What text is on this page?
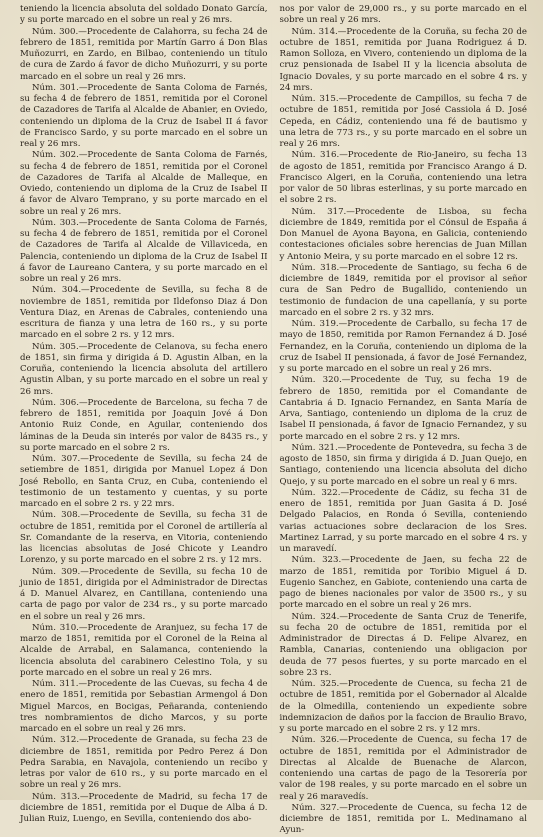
teniendo la licencia absoluta del soldado Donato García, y su porte marcado en el sobre un real y 26 mrs.

Núm. 300.—Procedente de Calahorra, su fecha 24 de febrero de 1851, remitida por Martín Garro á Don Blas Muñozurri, en Zardo, en Bilbao, conteniendo un título de cura de Zardo á favor de dicho Muñozurri, y su porte marcado en el sobre un real y 26 mrs.

Núm. 301.—Procedente de Santa Coloma de Farnés, su fecha 4 de febrero de 1851, remitida por el Coronel de Cazadores de Tarifa al Alcalde de Abanier, en Oviedo, conteniendo un diploma de la Cruz de Isabel II á favor de Francisco Sardo, y su porte marcado en el sobre un real y 26 mrs.

Núm. 302.—Procedente de Santa Coloma de Farnés, su fecha 4 de febrero de 1851, remitida por el Coronel de Cazadores de Tarifa al Alcalde de Malleque, en Oviedo, conteniendo un diploma de la Cruz de Isabel II á favor de Alvaro Temprano, y su porte marcado en el sobre un real y 26 mrs.

Núm. 303.—Procedente de Santa Coloma de Farnés, su fecha 4 de febrero de 1851, remitida por el Coronel de Cazadores de Tarifa al Alcalde de Villaviceda, en Palencia, conteniendo un diploma de la Cruz de Isabel II á favor de Laureano Cantera, y su porte marcado en el sobre un real y 26 mrs.

Núm. 304.—Procedente de Sevilla, su fecha 8 de noviembre de 1851, remitida por Ildefonso Diaz á Don Ventura Diaz, en Arenas de Cabrales, conteniendo una escritura de fianza y una letra de 160 rs., y su porte marcado en el sobre 2 rs. y 12 mrs.

Núm. 305.—Procedente de Celanova, su fecha enero de 1851, sin firma y dirigida á D. Agustin Alban, en la Coruña, conteniendo la licencia absoluta del artillero Agustin Alban, y su porte marcado en el sobre un real y 26 mrs.

Núm. 306.—Procedente de Barcelona, su fecha 7 de febrero de 1851, remitida por Joaquin Jové á Don Antonio Ruiz Conde, en Aguilar, conteniendo dos láminas de la Deuda sin interés por valor de 8435 rs., y su porte marcado en el sobre 2 rs.

Núm. 307.—Procedente de Sevilla, su fecha 24 de setiembre de 1851, dirigida por Manuel Lopez á Don José Rebollo, en Santa Cruz, en Cuba, conteniendo el testimonio de un testamento y cuentas, y su porte marcado en el sobre 2 rs. y 22 mrs.

Núm. 308.—Procedente de Sevilla, su fecha 31 de octubre de 1851, remitida por el Coronel de artillería al Sr. Comandante de la reserva, en Vitoria, conteniendo las licencias absolutas de José Chicote y Leandro Lorenzo, y su porte marcado en el sobre 2 rs. y 12 mrs.

Núm. 309.—Procedente de Sevilla, su fecha 10 de junio de 1851, dirigida por el Administrador de Directas á D. Manuel Alvarez, en Cantillana, conteniendo una carta de pago por valor de 234 rs., y su porte marcado en el sobre un real y 26 mrs.

Núm. 310.—Procedente de Aranjuez, su fecha 17 de marzo de 1851, remitida por el Coronel de la Reina al Alcalde de Arrabal, en Salamanca, conteniendo la licencia absoluta del carabinero Celestino Tola, y su porte marcado en el sobre un real y 26 mrs.

Núm. 311.—Procedente de las Cuevas, su fecha 4 de enero de 1851, remitida por Sebastian Armengol á Don Miguel Marcos, en Bocigas, Peñaranda, conteniendo tres nombramientos de dicho Marcos, y su porte marcado en el sobre un real y 26 mrs.

Núm. 312.—Procedente de Granada, su fecha 23 de diciembre de 1851, remitida por Pedro Perez á Don Pedra Sarabia, en Navajola, conteniendo un recibo y letras por valor de 610 rs., y su porte marcado en el sobre un real y 26 mrs.

Núm. 313.—Procedente de Madrid, su fecha 17 de diciembre de 1851, remitida por el Duque de Alba á D. Julian Ruiz, Luengo, en Sevilla, conteniendo dos abo-

nos por valor de 29,000 rs., y su porte marcado en el sobre un real y 26 mrs.

Núm. 314.—Procedente de la Coruña, su fecha 20 de octubre de 1851, remitida por Juana Rodriguez á D. Ramon Solloza, en Vivero, conteniendo un diploma de la cruz pensionada de Isabel II y la licencia absoluta de Ignacio Dovales, y su porte marcado en el sobre 4 rs. y 24 mrs.

Núm. 315.—Procedente de Campillos, su fecha 7 de octubre de 1851, remitida por José Cassiola á D. José Cepeda, en Cádiz, conteniendo una fé de bautismo y una letra de 773 rs., y su porte marcado en el sobre un real y 26 mrs.

Núm. 316.—Procedente de Rio-Janeiro, su fecha 13 de agosto de 1851, remitida por Francisco Arango á D. Francisco Algeri, en la Coruña, conteniendo una letra por valor de 50 libras esterlinas, y su porte marcado en el sobre 2 rs.

Núm. 317.—Procedente de Lisboa, su fecha diciembre de 1849, remitida por el Cónsul de España á Don Manuel de Ayona Bayona, en Galicia, conteniendo contestaciones oficiales sobre herencias de Juan Millan y Antonio Meira, y su porte marcado en el sobre 12 rs.

Núm. 318.—Procedente de Santiago, su fecha 6 de diciembre de 1849, remitida por el provisor al señor cura de San Pedro de Bugallido, conteniendo un testimonio de fundacion de una capellanía, y su porte marcado en el sobre 2 rs. y 32 mrs.

Núm. 319.—Procedente de Carballo, su fecha 17 de mayo de 1850, remitida por Ramon Fernandez á D. José Fernandez, en la Coruña, conteniendo un diploma de la cruz de Isabel II pensionada, á favor de José Fernandez, y su porte marcado en el sobre un real y 26 mrs.

Núm. 320.—Procedente de Tuy, su fecha 19 de febrero de 1850, remitida por el Comandante de Cantabria á D. Ignacio Fernandez, en Santa María de Arva, Santiago, conteniendo un diploma de la cruz de Isabel II pensionada, á favor de Ignacio Fernandez, y su porte marcado en el sobre 2 rs. y 12 mrs.

Núm. 321.—Procedente de Pontevedra, su fecha 3 de agosto de 1850, sin firma y dirigida á D. Juan Quejo, en Santiago, conteniendo una licencia absoluta del dicho Quejo, y su porte marcado en el sobre un real y 6 mrs.

Núm. 322.—Procedente de Cádiz, su fecha 31 de enero de 1851, remitida por Juan Gasita á D. José Delgado Palacios, en Ronda ó Sevilla, conteniendo varias actuaciones sobre declaracion de los Sres. Martinez Larrad, y su porte marcado en el sobre 4 rs. y un maravedí.

Núm. 323.—Procedente de Jaen, su fecha 22 de marzo de 1851, remitida por Toribio Miguel á D. Eugenio Sanchez, en Gabiote, conteniendo una carta de pago de bienes nacionales por valor de 3500 rs., y su porte marcado en el sobre un real y 26 mrs.

Núm. 324.—Procedente de Santa Cruz de Tenerife, su fecha 20 de octubre de 1851, remitida por el Administrador de Directas á D. Felipe Alvarez, en Rambla, Canarias, conteniendo una obligacion por deuda de 77 pesos fuertes, y su porte marcado en el sobre 23 rs.

Núm. 325.—Procedente de Cuenca, su fecha 21 de octubre de 1851, remitida por el Gobernador al Alcalde de la Olmedilla, conteniendo un expediente sobre indemnizacion de daños por la faccion de Braulio Bravo, y su porte marcado en el sobre 2 rs. y 12 mrs.

Núm. 326.—Procedente de Cuenca, su fecha 17 de octubre de 1851, remitida por el Administrador de Directas al Alcalde de Buenache de Alarcon, conteniendo una cartas de pago de la Tesorería por valor de 198 reales, y su porte marcado en el sobre un real y 26 maravedís.

Núm. 327.—Procedente de Cuenca, su fecha 12 de diciembre de 1851, remitida por L. Medinamano al Ayun-
